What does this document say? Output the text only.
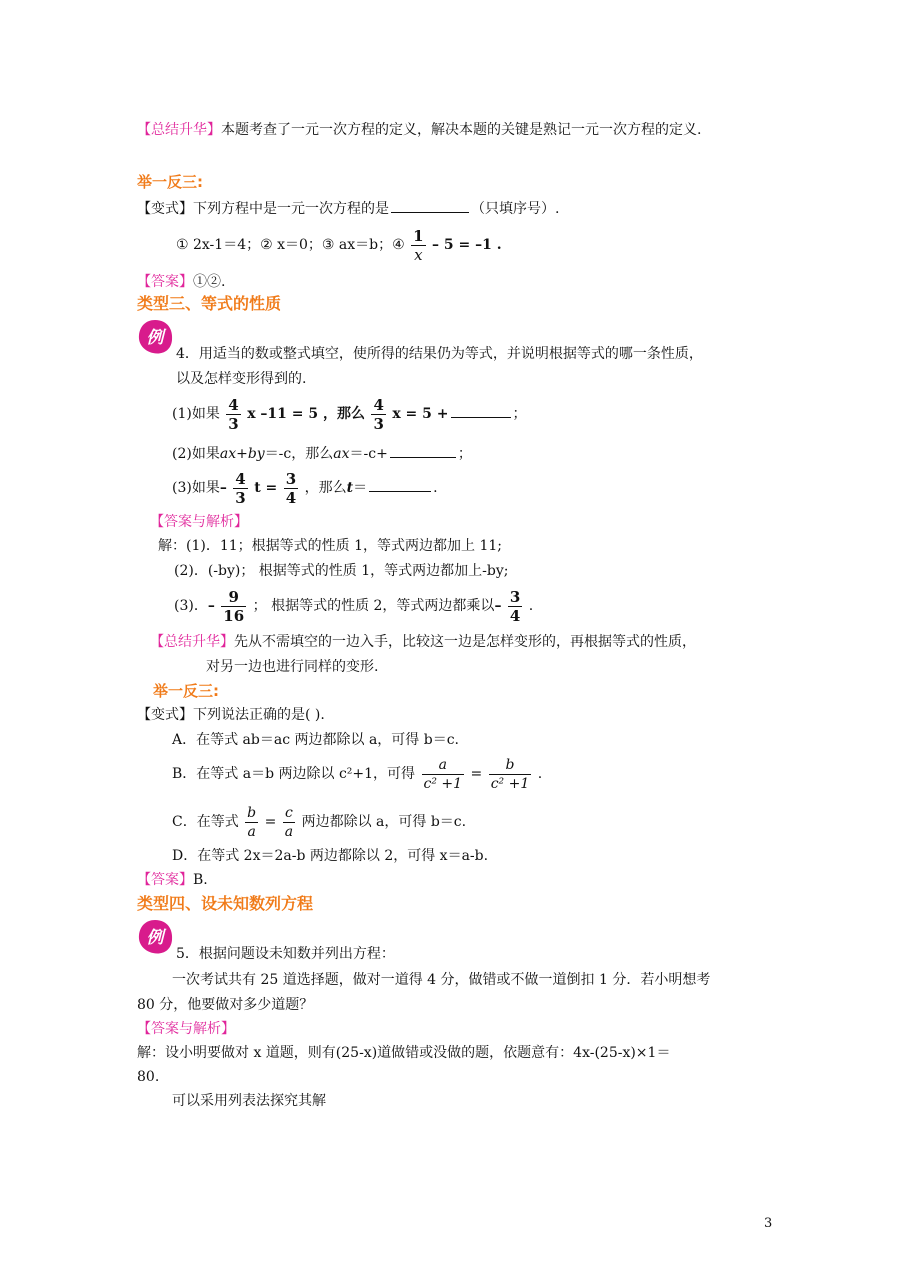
【总结升华】本题考查了一元一次方程的定义，解决本题的关键是熟记一元一次方程的定义.
举一反三:
【变式】下列方程中是一元一次方程的是	（只填序号）.
① 2x-1＝4；② x＝0；③ ax＝b；④ $\frac{1}{x} - 5 = -1$ .
【答案】①②.
类型三、等式的性质
例
4．用适当的数或整式填空，使所得的结果仍为等式，并说明根据等式的哪一条性质，
以及怎样变形得到的.
(1)如果 $\frac{4}{3}$ x –11 = 5 ，那么 $\frac{4}{3}$ x = 5 +	；
(2)如果ax+by＝-c，那么ax＝-c+	；
(3)如果– $\frac{4}{3}$ $t = \frac{3}{4}$ ，那么t＝	.
【答案与解析】
解：(1)．11；根据等式的性质 1，等式两边都加上 11;
(2)．(-by)； 根据等式的性质 1，等式两边都加上-by;
(3)．– $\frac{9}{16}$ ； 根据等式的性质 2，等式两边都乘以– $\frac{3}{4}$ .
【总结升华】先从不需填空的一边入手，比较这一边是怎样变形的，再根据等式的性质，
对另一边也进行同样的变形.
举一反三:
【变式】下列说法正确的是( ).
A．在等式 ab＝ac 两边都除以 a，可得 b＝c.
B．在等式 a＝b 两边除以 c²+1，可得 $\frac{a}{\text{c² +1}} = \frac{b}{\text{c² +1}}$ .
C．在等式 $\frac{b}{a} = \frac{c}{a}$ 两边都除以 a，可得 b＝c.
D．在等式 2x＝2a-b 两边都除以 2，可得 x＝a-b.
【答案】B.
类型四、设未知数列方程
例
5．根据问题设未知数并列出方程：
一次考试共有 25 道选择题，做对一道得 4 分，做错或不做一道倒扣 1 分．若小明想考
80 分，他要做对多少道题？
【答案与解析】
解：设小明要做对 x 道题，则有(25-x)道做错或没做的题，依题意有：4x-(25-x)×1＝
80.
可以采用列表法探究其解
3
